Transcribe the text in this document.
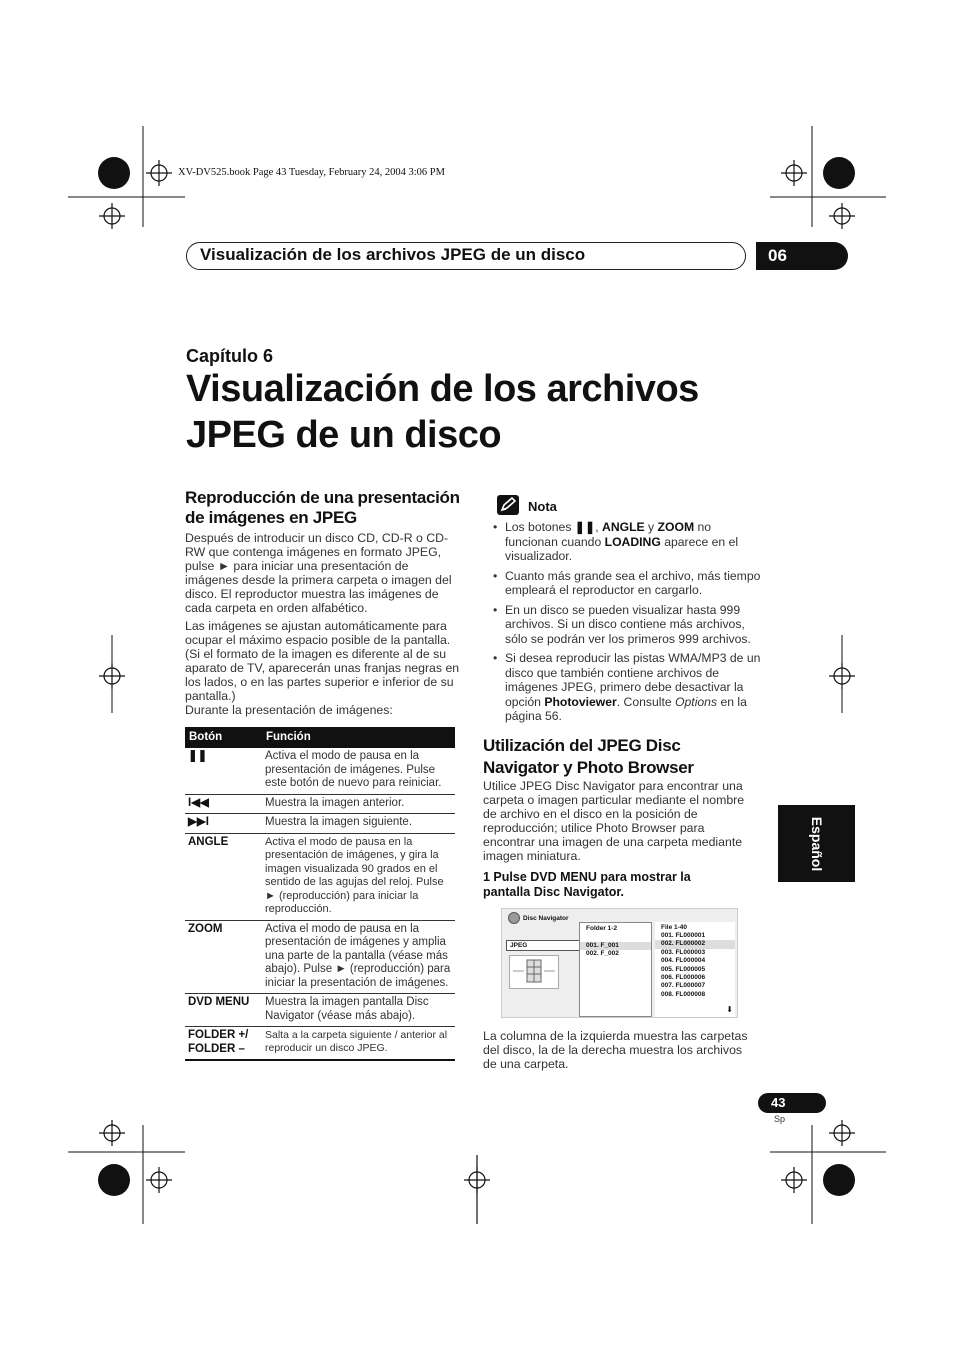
XV-DV525.book Page 43 Tuesday, February 24, 2004 3:06 PM
Visualización de los archivos JPEG de un disco	06
Capítulo 6
Visualización de los archivos
JPEG de un disco
Reproducción de una presentación de imágenes en JPEG

Después de introducir un disco CD, CD-R o CD-RW que contenga imágenes en formato JPEG, pulse ► para iniciar una presentación de imágenes desde la primera carpeta o imagen del disco. El reproductor muestra las imágenes de cada carpeta en orden alfabético.

Las imágenes se ajustan automáticamente para ocupar el máximo espacio posible de la pantalla. (Si el formato de la imagen es diferente al de su aparato de TV, aparecerán unas franjas negras en los lados, o en las partes superior e inferior de su pantalla.)

Durante la presentación de imágenes:

Botón	Función
❚❚	Activa el modo de pausa en la presentación de imágenes. Pulse este botón de nuevo para reiniciar.
I◀◀	Muestra la imagen anterior.
▶▶I	Muestra la imagen siguiente.
ANGLE	Activa el modo de pausa en la presentación de imágenes, y gira la imagen visualizada 90 grados en el sentido de las agujas del reloj. Pulse ► (reproducción) para iniciar la reproducción.
ZOOM	Activa el modo de pausa en la presentación de imágenes y amplia una parte de la pantalla (véase más abajo). Pulse ► (reproducción) para iniciar la presentación de imágenes.
DVD MENU	Muestra la imagen pantalla Disc Navigator (véase más abajo).
FOLDER +/ FOLDER –	Salta a la carpeta siguiente / anterior al reproducir un disco JPEG.
Nota
• Los botones ❚❚, ANGLE y ZOOM no funcionan cuando LOADING aparece en el visualizador.
• Cuanto más grande sea el archivo, más tiempo empleará el reproductor en cargarlo.
• En un disco se pueden visualizar hasta 999 archivos. Si un disco contiene más archivos, sólo se podrán ver los primeros 999 archivos.
• Si desea reproducir las pistas WMA/MP3 de un disco que también contiene archivos de imágenes JPEG, primero debe desactivar la opción Photoviewer. Consulte Options en la página 56.
Utilización del JPEG Disc Navigator y Photo Browser

Utilice JPEG Disc Navigator para encontrar una carpeta o imagen particular mediante el nombre de archivo en el disco en la posición de reproducción; utilice Photo Browser para encontrar una imagen de una carpeta mediante imagen miniatura.

1 Pulse DVD MENU para mostrar la pantalla Disc Navigator.
Disc Navigator
JPEG
Folder 1-2
001. F_001
002. F_002
File 1-40
001. FL000001
002. FL000002
003. FL000003
004. FL000004
005. FL000005
006. FL000006
007. FL000007
008. FL000008
⬇

La columna de la izquierda muestra las carpetas del disco, la de la derecha muestra los archivos de una carpeta.

Español
43
Sp
